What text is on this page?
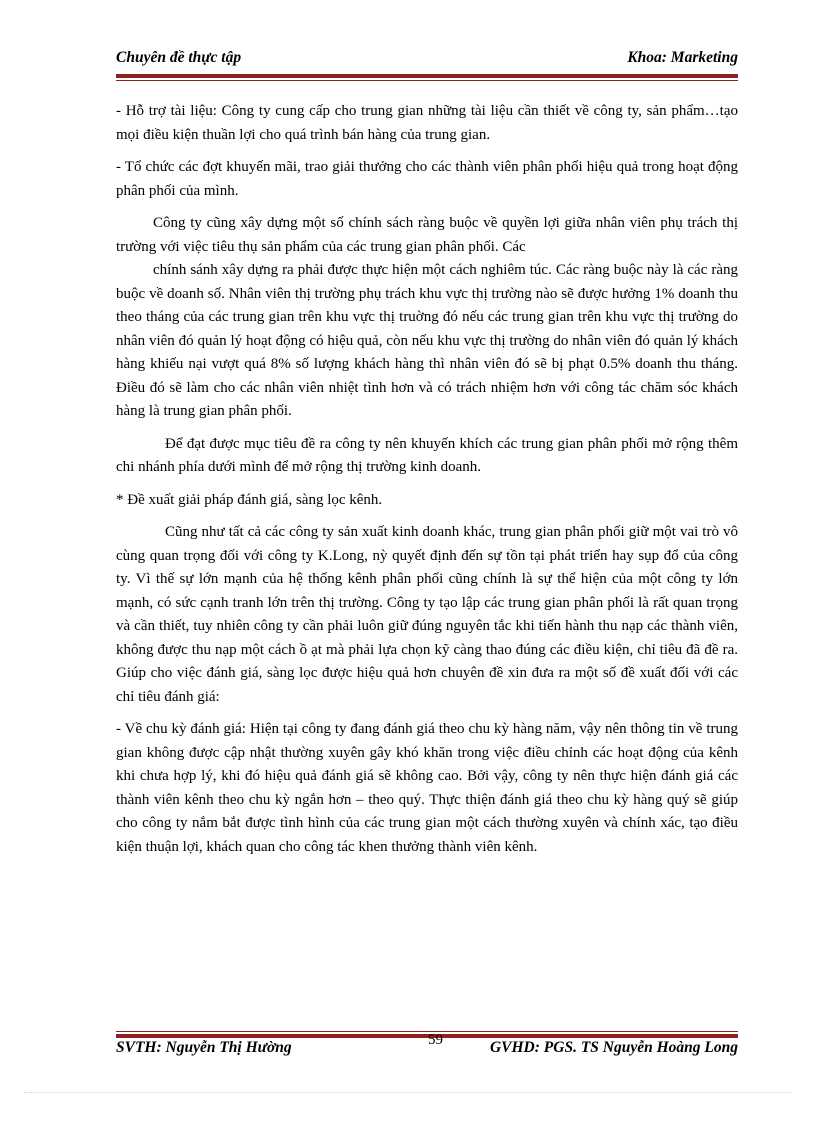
Chuyên đề thực tập	Khoa: Marketing

- Hỗ trợ tài liệu: Công ty cung cấp cho trung gian những tài liệu cần thiết về công ty, sản phẩm…tạo mọi điều kiện thuần lợi cho quá trình bán hàng của trung gian.

- Tổ chức các đợt khuyến mãi, trao giải thưởng cho các thành viên phân phối hiệu quả trong hoạt động phân phối của mình.

Công ty cũng xây dựng một số chính sách ràng buộc về quyền lợi giữa nhân viên phụ trách thị trường với việc tiêu thụ sản phẩm của các trung gian phân phối. Các

chính sánh xây dựng ra phải được thực hiện một cách nghiêm túc. Các ràng buộc này là các ràng buộc về doanh số. Nhân viên thị trường phụ trách khu vực thị trường nào sẽ được hưởng 1% doanh thu theo tháng của các trung gian trên khu vực thị truờng đó nếu các trung gian trên khu vực thị trường do nhân viên đó quản lý hoạt động có hiệu quả, còn nếu khu vực thị trường do nhân viên đó quản lý khách hàng khiếu nại vượt quá 8% số lượng khách hàng thì nhân viên đó sẽ bị phạt 0.5% doanh thu tháng. Điều đó sẽ làm cho các nhân viên nhiệt tình hơn và có trách nhiệm hơn với công tác chăm sóc khách hàng là trung gian phân phối.

Để đạt được mục tiêu đề ra công ty nên khuyến khích các trung gian phân phối mở rộng thêm chi nhánh phía dưới mình để mở rộng thị trường kinh doanh.

* Đề xuất giải pháp đánh giá, sàng lọc kênh.

Cũng như tất cả các công ty sản xuất kinh doanh khác, trung gian phân phối giữ một vai trò vô cùng quan trọng đối với công ty K.Long, nỳ quyết định đến sự tồn tại phát triển hay sụp đổ của công ty. Vì thế sự lớn mạnh của hệ thống kênh phân phối cũng chính là sự thể hiện của một công ty lớn mạnh, có sức cạnh tranh lớn trên thị trường. Công ty tạo lập các trung gian phân phối là rất quan trọng và cần thiết, tuy nhiên công ty cần phải luôn giữ đúng nguyên tắc khi tiến hành thu nạp các thành viên, không được thu nạp một cách ồ ạt mà phải lựa chọn kỹ càng thao đúng các điều kiện, chỉ tiêu đã đề ra. Giúp cho việc đánh giá, sàng lọc được hiệu quả hơn chuyên đề xin đưa ra một số đề xuất đối với các chỉ tiêu đánh giá:

- Về chu kỳ đánh giá: Hiện tại công ty đang đánh giá theo chu kỳ hàng năm, vậy nên thông tin về trung gian không được cập nhật thường xuyên gây khó khăn trong việc điều chỉnh các hoạt động của kênh khi chưa hợp lý, khi đó hiệu quả đánh giá sẽ không cao. Bởi vậy, công ty nên thực hiện đánh giá các thành viên kênh theo chu kỳ ngắn hơn – theo quý. Thực thiện đánh giá theo chu kỳ hàng quý sẽ giúp cho công ty nắm bắt được tình hình của các trung gian một cách thường xuyên và chính xác, tạo điều kiện thuận lợi, khách quan cho công tác khen thưởng thành viên kênh.

SVTH: Nguyễn Thị Hường	59	GVHD: PGS. TS Nguyễn Hoàng Long
